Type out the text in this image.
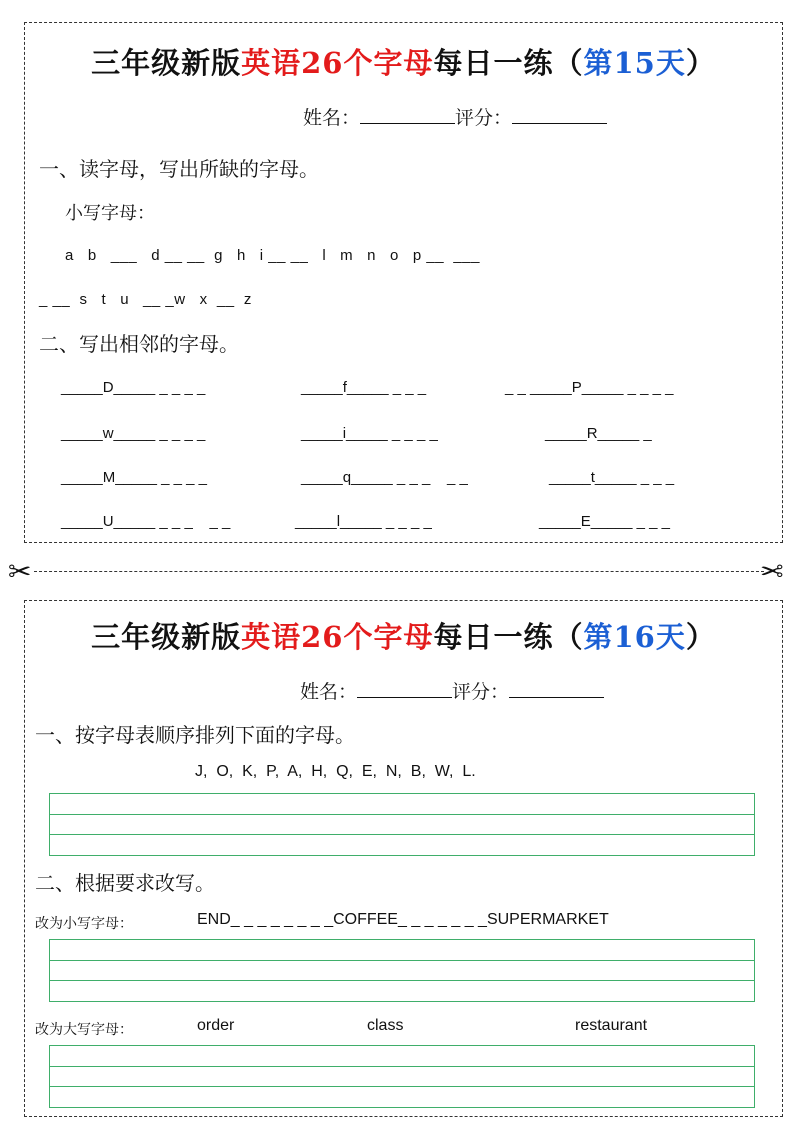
三年级新版英语26个字母每日一练（第15天）
姓名：	评分：
一、读字母，写出所缺的字母。
小写字母：
a   b   ___   d __ __  g   h   i __ __   l   m   n   o   p __  ___
_ __  s   t   u   __ _w   x  __  z
二、写出相邻的字母。
_____D_____ _ _ _ _	_____f_____ _ _ _	_ _ _____P_____ _ _ _ _
_____w_____ _ _ _ _	_____i_____ _ _ _ _	_____R_____ _
_____M_____ _ _ _ _	_____q_____ _ _ _    _ _	_____t_____ _ _ _
_____U_____ _ _ _    _ _	_____l_____ _ _ _ _	_____E_____ _ _ _
✂	✂
三年级新版英语26个字母每日一练（第16天）
姓名：	评分：
一、按字母表顺序排列下面的字母。
J,  O,  K,  P,  A,  H,  Q,  E,  N,  B,  W,  L.
二、根据要求改写。
改为小写字母：	END_ _ _ _ _ _ _ _COFFEE_ _ _ _ _ _ _SUPERMARKET
改为大写字母：	order	class	restaurant
